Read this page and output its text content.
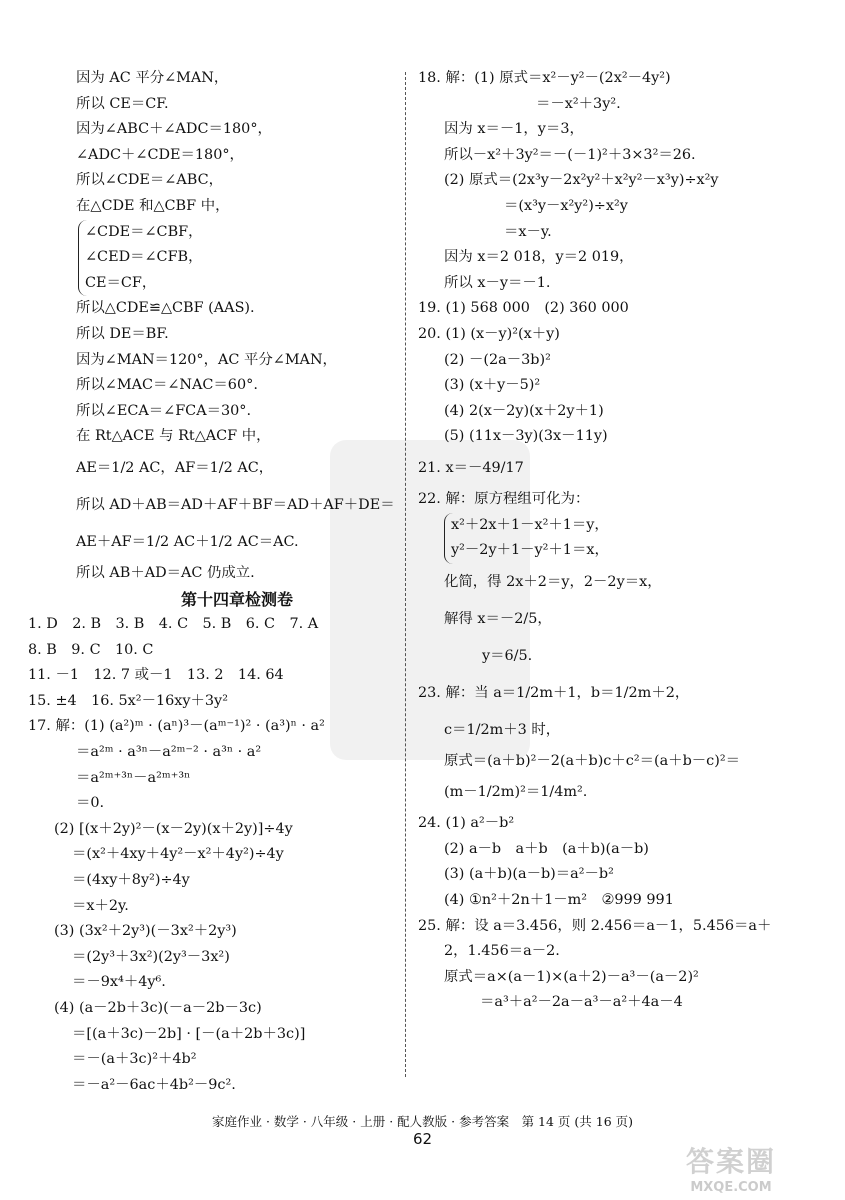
因为 AC 平分∠MAN，
所以 CE＝CF.
因为∠ABC＋∠ADC＝180°，
∠ADC＋∠CDE＝180°，
所以∠CDE＝∠ABC，
在△CDE 和△CBF 中，
∠CDE＝∠CBF，
∠CED＝∠CFB，
CE＝CF，
所以△CDE≌△CBF (AAS).
所以 DE＝BF.
因为∠MAN＝120°，AC 平分∠MAN，
所以∠MAC＝∠NAC＝60°.
所以∠ECA＝∠FCA＝30°.
在 Rt△ACE 与 Rt△ACF 中，
AE＝1/2 AC，AF＝1/2 AC，
所以 AD＋AB＝AD＋AF＋BF＝AD＋AF＋DE＝
AE＋AF＝1/2 AC＋1/2 AC＝AC.
所以 AB＋AD＝AC 仍成立.
第十四章检测卷
1. D　2. B　3. B　4. C　5. B　6. C　7. A
8. B　9. C　10. C
11. －1　12. 7 或－1　13. 2　14. 64
15. ±4　16. 5x²－16xy＋3y²
17. 解：(1) (a²)ᵐ · (aⁿ)³－(aᵐ⁻¹)² · (a³)ⁿ · a²
＝a²ᵐ · a³ⁿ－a²ᵐ⁻² · a³ⁿ · a²
＝a²ᵐ⁺³ⁿ－a²ᵐ⁺³ⁿ
＝0.
(2) [(x＋2y)²－(x－2y)(x＋2y)]÷4y
＝(x²＋4xy＋4y²－x²＋4y²)÷4y
＝(4xy＋8y²)÷4y
＝x＋2y.
(3) (3x²＋2y³)(－3x²＋2y³)
＝(2y³＋3x²)(2y³－3x²)
＝－9x⁴＋4y⁶.
(4) (a－2b＋3c)(－a－2b－3c)
＝[(a＋3c)－2b] · [－(a＋2b＋3c)]
＝－(a＋3c)²＋4b²
＝－a²－6ac＋4b²－9c².
18. 解：(1) 原式＝x²－y²－(2x²－4y²)
＝－x²＋3y².
因为 x＝－1，y＝3，
所以－x²＋3y²＝－(－1)²＋3×3²＝26.
(2) 原式＝(2x³y－2x²y²＋x²y²－x³y)÷x²y
＝(x³y－x²y²)÷x²y
＝x－y.
因为 x＝2 018，y＝2 019，
所以 x－y＝－1.
19. (1) 568 000　(2) 360 000
20. (1) (x－y)²(x＋y)
(2) －(2a－3b)²
(3) (x＋y－5)²
(4) 2(x－2y)(x＋2y＋1)
(5) (11x－3y)(3x－11y)
21. x＝－49/17
22. 解：原方程组可化为：
x²＋2x＋1－x²＋1＝y，
y²－2y＋1－y²＋1＝x，
化简，得 2x＋2＝y，2－2y＝x，
解得 x＝－2/5，
y＝6/5.
23. 解：当 a＝1/2m＋1，b＝1/2m＋2，
c＝1/2m＋3 时，
原式＝(a＋b)²－2(a＋b)c＋c²＝(a＋b－c)²＝
(m－1/2m)²＝1/4m².
24. (1) a²－b²
(2) a－b　a＋b　(a＋b)(a－b)
(3) (a＋b)(a－b)＝a²－b²
(4) ①n²＋2n＋1－m²　②999 991
25. 解：设 a＝3.456，则 2.456＝a－1，5.456＝a＋
2，1.456＝a－2.
原式＝a×(a－1)×(a＋2)－a³－(a－2)²
＝a³＋a²－2a－a³－a²＋4a－4
家庭作业 · 数学 · 八年级 · 上册 · 配人教版 · 参考答案　第 14 页 (共 16 页)
62
答案圈
MXQE.COM
